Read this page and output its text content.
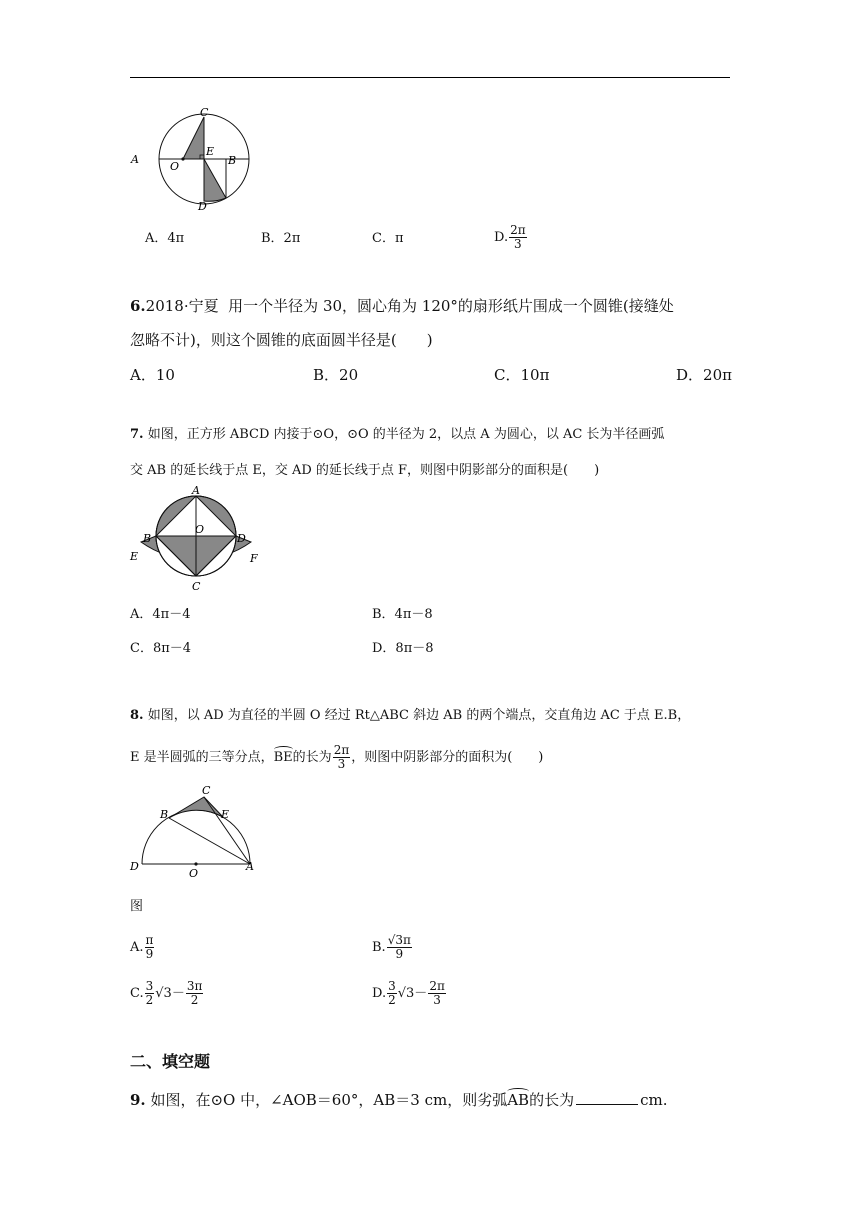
A	B
C
D
E
O
A．4π	B．2π	C．π	D. $\frac{2\pi}{3}$
6.2018·宁夏 用一个半径为 30，圆心角为 120°的扇形纸片围成一个圆锥(接缝处
忽略不计)，则这个圆锥的底面圆半径是(　　)
A．10	B．20	C．10π	D．20π
7. 如图，正方形 ABCD 内接于⊙O，⊙O 的半径为 2，以点 A 为圆心，以 AC 长为半径画弧
交 AB 的延长线于点 E，交 AD 的延长线于点 F，则图中阴影部分的面积是(　　)
A
B
C
D
E	F
O
A．4π－4	B．4π－8
C．8π－4	D．8π－8
8. 如图，以 AD 为直径的半圆 O 经过 Rt△ABC 斜边 AB 的两个端点，交直角边 AC 于点 E.B，
E 是半圆弧的三等分点，BE的长为 $\frac{2\pi}{3}$ ，则图中阴影部分的面积为(　　)
D	A
B
C
E
O
图
A. $\frac{\pi}{9}$	B. $\frac{√3\pi}{9}$
C. $\frac{3}{2} √3- \frac{3\pi}{2}$	D. $\frac{3}{2} √3- \frac{2\pi}{3}$
二、填空题
9. 如图，在⊙O 中，∠AOB＝60°，AB＝3 cm，则劣弧AB的长为	cm.
